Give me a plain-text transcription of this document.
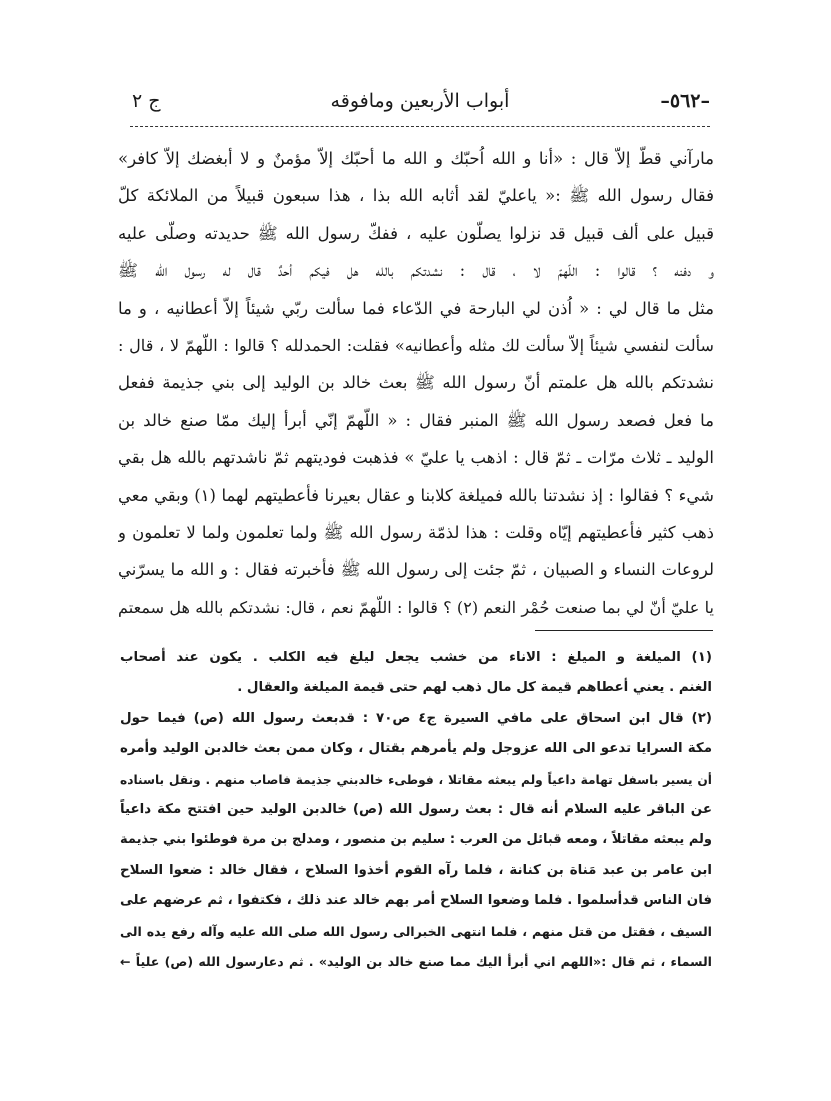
–٥٦٢–
أبواب الأربعين ومافوقه
ج ٢
مارآني قطّ إلاّ قال : «أنا و الله اُحبّك و الله ما أحبّك إلاّ مؤمنٌ و لا أبغضك إلاّ كافر»
فقال رسول الله ﷺ :« ياعليّ لقد أثابه الله بذا ، هذا سبعون قبيلاً من الملائكة كلّ
قبيل على ألف قبيل قد نزلوا يصلّون عليه ، ففكّ رسول الله ﷺ حديدته وصلّى عليه
و دفنه ؟ قالوا : اللّهمّ لا ، قال : نشدتكم بالله هل فيكم أحدٌ قال له رسول الله ﷺ
مثل ما قال لي : « اُذن لي البارحة في الدّعاء فما سألت ربّي شيئاً إلاّ أعطانيه ، و ما
سألت لنفسي شيئاً إلاّ سألت لك مثله وأعطانيه» فقلت: الحمدلله ؟ قالوا : اللّهمّ لا ، قال :
نشدتكم بالله هل علمتم أنّ رسول الله ﷺ بعث خالد بن الوليد إلى بني جذيمة ففعل
ما فعل فصعد رسول الله ﷺ المنبر فقال : « اللّهمّ إنّي أبرأ إليك ممّا صنع خالد بن
الوليد ـ ثلاث مرّات ـ ثمّ قال : اذهب يا عليّ » فذهبت فوديتهم ثمّ ناشدتهم بالله هل بقي
شيء ؟ فقالوا : إذ نشدتنا بالله فميلغة كلابنا و عقال بعيرنا فأعطيتهم لهما (١) وبقي معي
ذهب كثير فأعطيتهم إيّاه وقلت : هذا لذمّة رسول الله ﷺ ولما تعلمون ولما لا تعلمون و
لروعات النساء و الصبيان ، ثمّ جئت إلى رسول الله ﷺ فأخبرته فقال : و الله ما يسرّني
يا عليّ أنّ لي بما صنعت حُمْر النعم (٢) ؟ قالوا : اللّهمّ نعم ، قال: نشدتكم بالله هل سمعتم
(١) الميلغة و الميلغ : الاناء من خشب يجعل ليلغ فيه الكلب . يكون عند أصحاب
الغنم . يعني أعطاهم قيمة كل مال ذهب لهم حتى قيمة الميلغة والعقال .
(٢) قال ابن اسحاق على مافي السيرة ج٤ ص٧٠ : قدبعث رسول الله (ص) فيما حول
مكة السرايا تدعو الى الله عزوجل ولم يأمرهم بقتال ، وكان ممن بعث خالدبن الوليد وأمره
أن يسير باسفل تهامة داعياً ولم يبعثه مقاتلا ، فوطىء خالدبني جذيمة فاصاب منهم . ونقل باسناده
عن الباقر عليه السلام أنه قال : بعث رسول الله (ص) خالدبن الوليد حين افتتح مكة داعياً
ولم يبعثه مقاتلاً ، ومعه قبائل من العرب : سليم بن منصور ، ومدلج بن مرة فوطئوا بني جذيمة
ابن عامر بن عبد مَناة بن كنانة ، فلما رآه القوم أخذوا السلاح ، فقال خالد : ضعوا السلاح
فان الناس قدأسلموا . فلما وضعوا السلاح أمر بهم خالد عند ذلك ، فكتفوا ، ثم عرضهم على
السيف ، فقتل من قتل منهم ، فلما انتهى الخبرالى رسول الله صلى الله عليه وآله رفع يده الى
السماء ، ثم قال :«اللهم اني أبرأ اليك مما صنع خالد بن الوليد» . ثم دعارسول الله (ص) علياً ←
